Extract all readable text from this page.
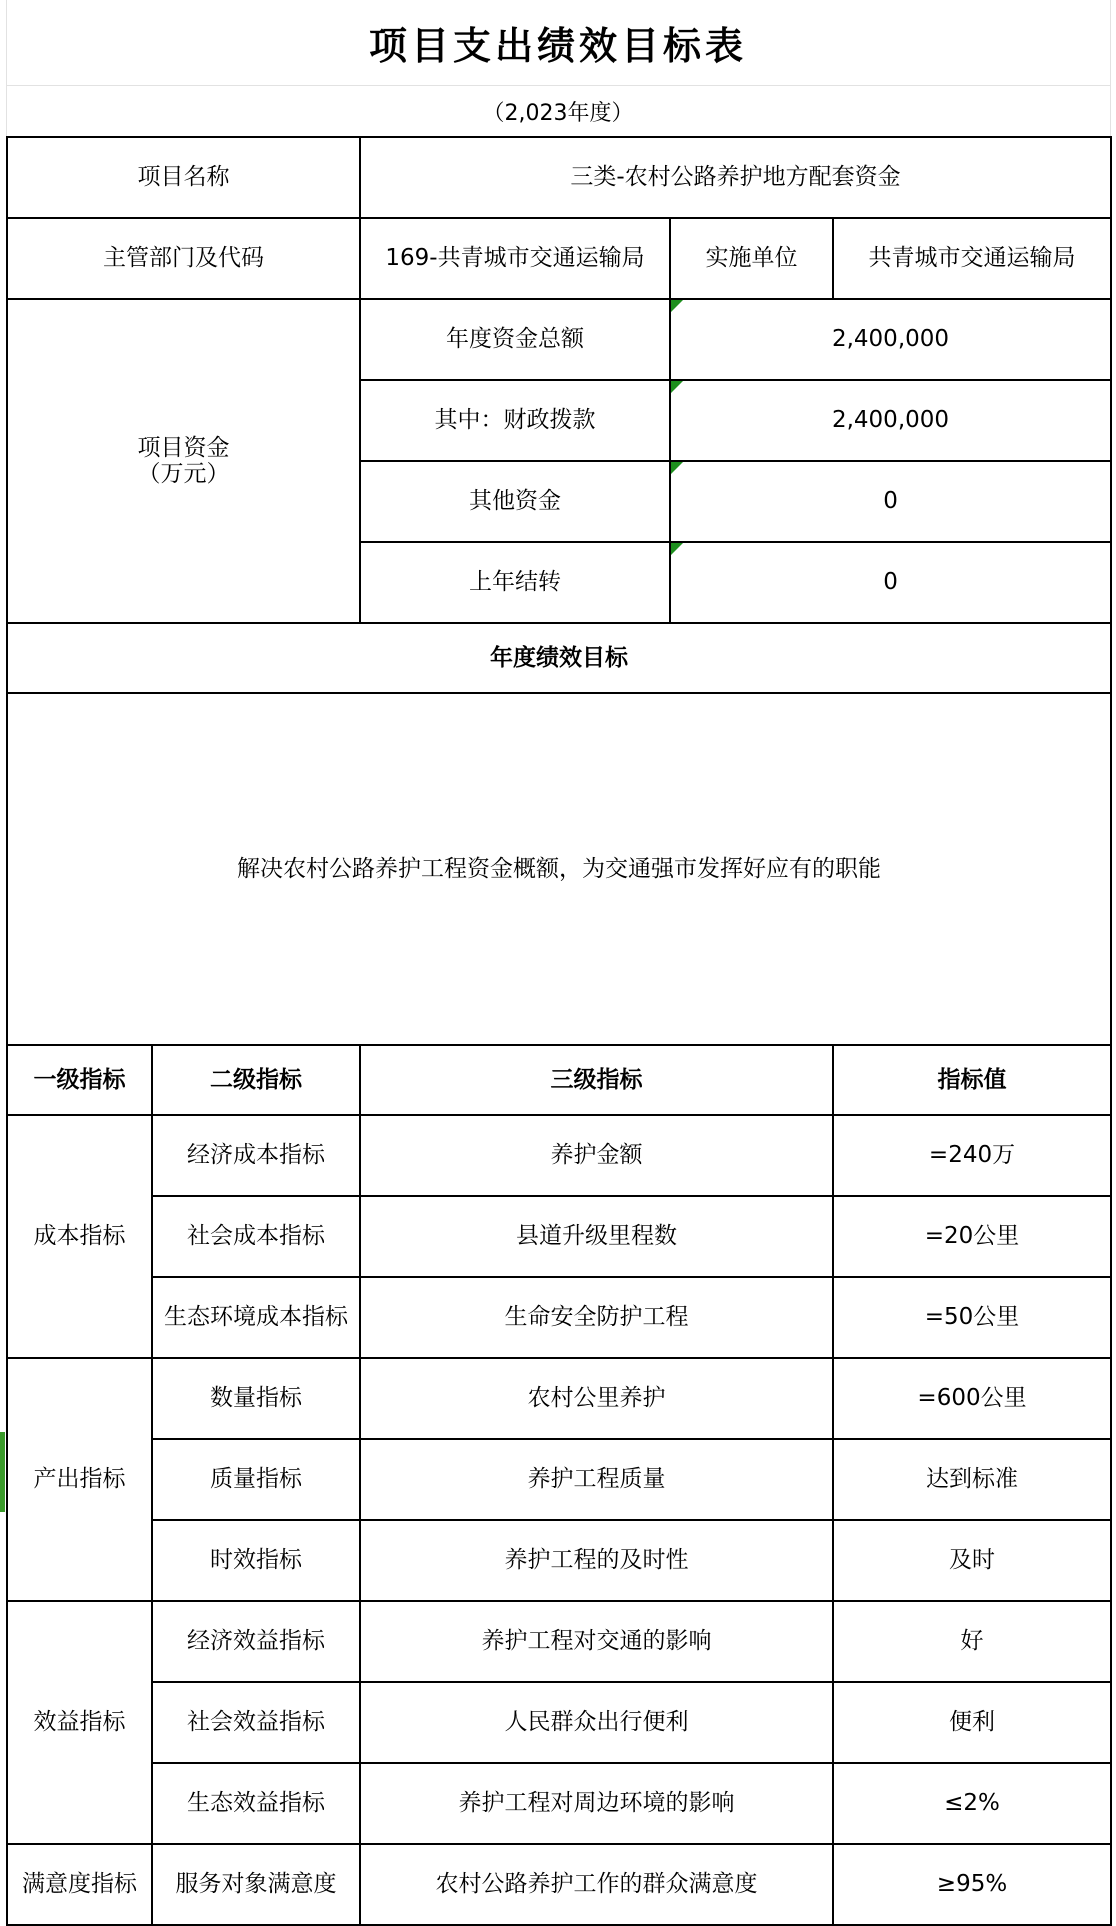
项目支出绩效目标表
（2,023年度）
项目名称		三类-农村公路养护地方配套资金		
主管部门及代码		169-共青城市交通运输局	实施单位	共青城市交通运输局

项目资金
（万元）		年度资金总额	2,400,000	
		其中：财政拨款	2,400,000	
		其他资金	0	
		上年结转	0	
年度绩效目标				
解决农村公路养护工程资金概额，为交通强市发挥好应有的职能				
一级指标	二级指标	三级指标		指标值
成本指标	经济成本指标	养护金额		=240万
	社会成本指标	县道升级里程数		=20公里
	生态环境成本指标	生命安全防护工程		=50公里
产出指标	数量指标	农村公里养护		=600公里
	质量指标	养护工程质量		达到标准
	时效指标	养护工程的及时性		及时
效益指标	经济效益指标	养护工程对交通的影响		好
	社会效益指标	人民群众出行便利		便利
	生态效益指标	养护工程对周边环境的影响		≤2%
满意度指标	服务对象满意度	农村公路养护工作的群众满意度		≥95%
